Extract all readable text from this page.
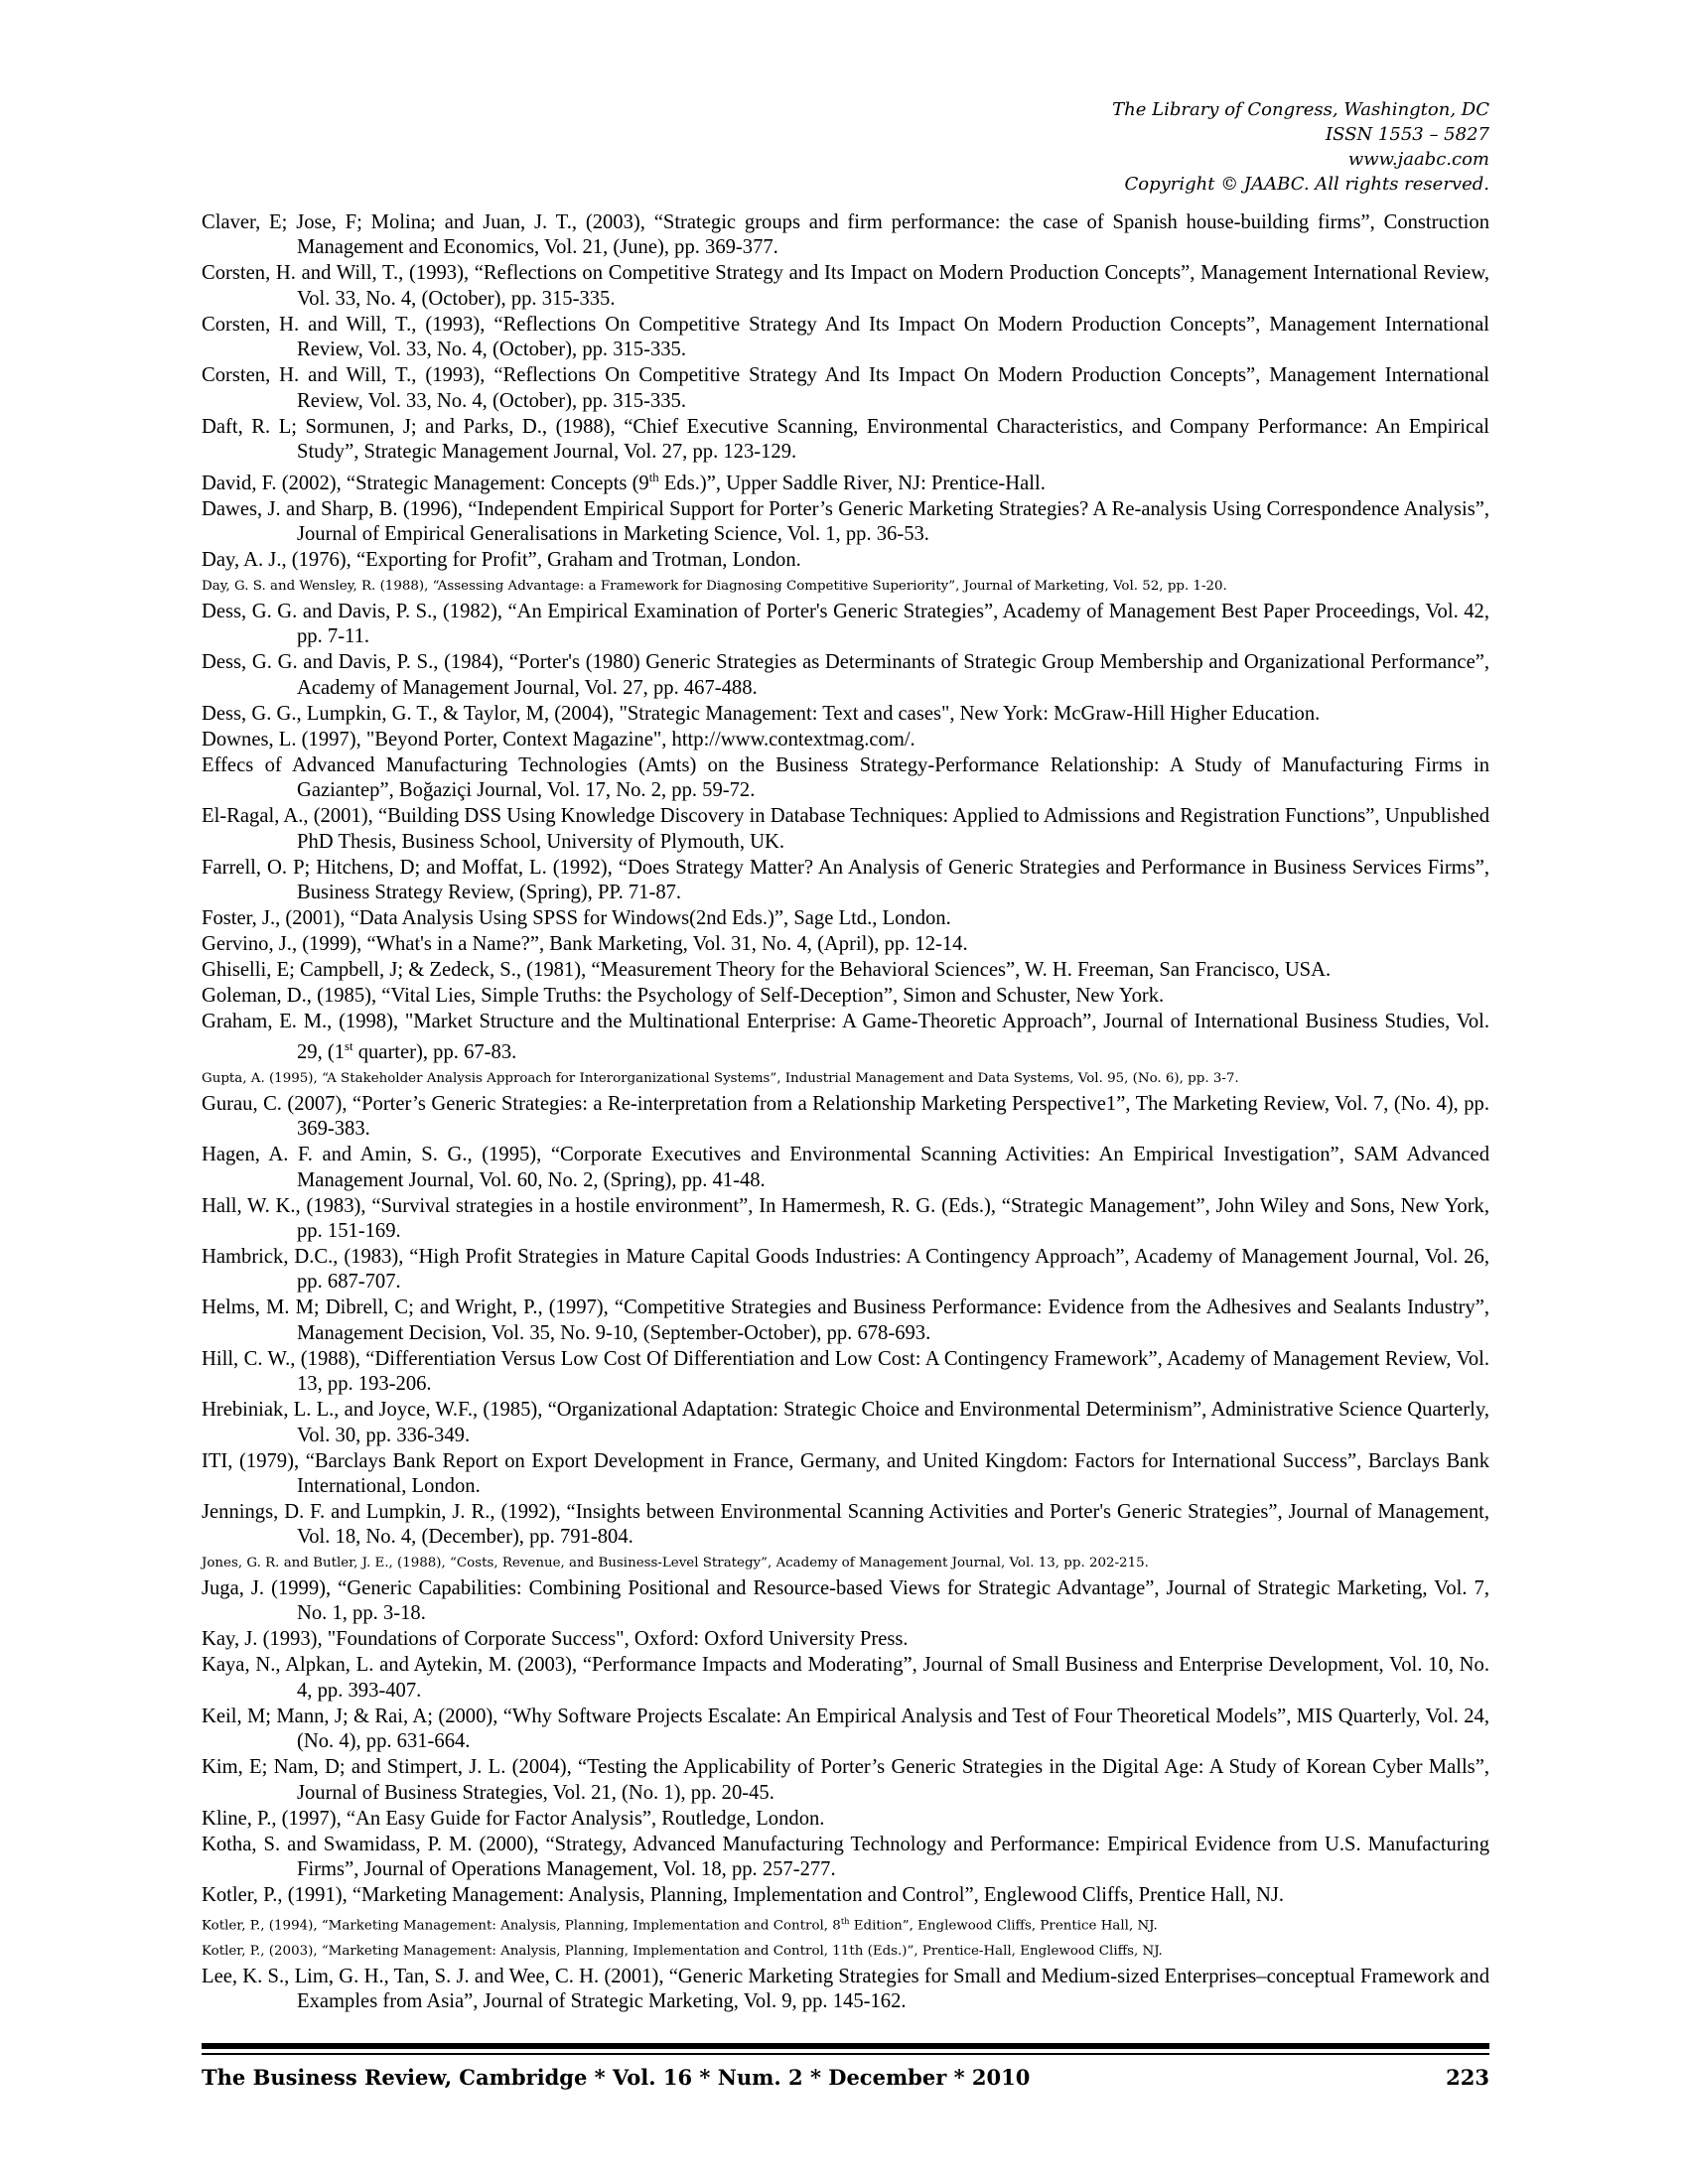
The Library of Congress, Washington, DC
ISSN 1553 – 5827
www.jaabc.com
Copyright © JAABC. All rights reserved.
Claver, E; Jose, F; Molina; and Juan, J. T., (2003), “Strategic groups and firm performance: the case of Spanish house-building firms”, Construction Management and Economics, Vol. 21, (June), pp. 369-377.
Corsten, H. and Will, T., (1993), “Reflections on Competitive Strategy and Its Impact on Modern Production Concepts”, Management International Review, Vol. 33, No. 4, (October), pp. 315-335.
Corsten, H. and Will, T., (1993), “Reflections On Competitive Strategy And Its Impact On Modern Production Concepts”, Management International Review, Vol. 33, No. 4, (October), pp. 315-335.
Corsten, H. and Will, T., (1993), “Reflections On Competitive Strategy And Its Impact On Modern Production Concepts”, Management International Review, Vol. 33, No. 4, (October), pp. 315-335.
Daft, R. L; Sormunen, J; and Parks, D., (1988), “Chief Executive Scanning, Environmental Characteristics, and Company Performance: An Empirical Study”, Strategic Management Journal, Vol. 27, pp. 123-129.
David, F. (2002), “Strategic Management: Concepts (9th Eds.)”, Upper Saddle River, NJ: Prentice-Hall.
Dawes, J. and Sharp, B. (1996), “Independent Empirical Support for Porter’s Generic Marketing Strategies? A Re-analysis Using Correspondence Analysis”, Journal of Empirical Generalisations in Marketing Science, Vol. 1, pp. 36-53.
Day, A. J., (1976), “Exporting for Profit”, Graham and Trotman, London.
Day, G. S. and Wensley, R. (1988), “Assessing Advantage: a Framework for Diagnosing Competitive Superiority”, Journal of Marketing, Vol. 52, pp. 1-20.
Dess, G. G. and Davis, P. S., (1982), “An Empirical Examination of Porter's Generic Strategies”, Academy of Management Best Paper Proceedings, Vol. 42, pp. 7-11.
Dess, G. G. and Davis, P. S., (1984), “Porter's (1980) Generic Strategies as Determinants of Strategic Group Membership and Organizational Performance”, Academy of Management Journal, Vol. 27, pp. 467-488.
Dess, G. G., Lumpkin, G. T., & Taylor, M, (2004), "Strategic Management: Text and cases", New York: McGraw-Hill Higher Education.
Downes, L. (1997), "Beyond Porter, Context Magazine", http://www.contextmag.com/.
Effecs of Advanced Manufacturing Technologies (Amts) on the Business Strategy-Performance Relationship: A Study of Manufacturing Firms in Gaziantep”, Boğaziçi Journal, Vol. 17, No. 2, pp. 59-72.
El-Ragal, A., (2001), “Building DSS Using Knowledge Discovery in Database Techniques: Applied to Admissions and Registration Functions”, Unpublished PhD Thesis, Business School, University of Plymouth, UK.
Farrell, O. P; Hitchens, D; and Moffat, L. (1992), “Does Strategy Matter? An Analysis of Generic Strategies and Performance in Business Services Firms”, Business Strategy Review, (Spring), PP. 71-87.
Foster, J., (2001), “Data Analysis Using SPSS for Windows(2nd Eds.)”, Sage Ltd., London.
Gervino, J., (1999), “What's in a Name?”, Bank Marketing, Vol. 31, No. 4, (April), pp. 12-14.
Ghiselli, E; Campbell, J; & Zedeck, S., (1981), “Measurement Theory for the Behavioral Sciences”, W. H. Freeman, San Francisco, USA.
Goleman, D., (1985), “Vital Lies, Simple Truths: the Psychology of Self-Deception”, Simon and Schuster, New York.
Graham, E. M., (1998), "Market Structure and the Multinational Enterprise: A Game-Theoretic Approach”, Journal of International Business Studies, Vol. 29, (1st quarter), pp. 67-83.
Gupta, A. (1995), “A Stakeholder Analysis Approach for Interorganizational Systems”, Industrial Management and Data Systems, Vol. 95, (No. 6), pp. 3-7.
Gurau, C. (2007), “Porter’s Generic Strategies: a Re-interpretation from a Relationship Marketing Perspective1”, The Marketing Review, Vol. 7, (No. 4), pp. 369-383.
Hagen, A. F. and Amin, S. G., (1995), “Corporate Executives and Environmental Scanning Activities: An Empirical Investigation”, SAM Advanced Management Journal, Vol. 60, No. 2, (Spring), pp. 41-48.
Hall, W. K., (1983), “Survival strategies in a hostile environment”, In Hamermesh, R. G. (Eds.), “Strategic Management”, John Wiley and Sons, New York, pp. 151-169.
Hambrick, D.C., (1983), “High Profit Strategies in Mature Capital Goods Industries: A Contingency Approach”, Academy of Management Journal, Vol. 26, pp. 687-707.
Helms, M. M; Dibrell, C; and Wright, P., (1997), “Competitive Strategies and Business Performance: Evidence from the Adhesives and Sealants Industry”, Management Decision, Vol. 35, No. 9-10, (September-October), pp. 678-693.
Hill, C. W., (1988), “Differentiation Versus Low Cost Of Differentiation and Low Cost: A Contingency Framework”, Academy of Management Review, Vol. 13, pp. 193-206.
Hrebiniak, L. L., and Joyce, W.F., (1985), “Organizational Adaptation: Strategic Choice and Environmental Determinism”, Administrative Science Quarterly, Vol. 30, pp. 336-349.
ITI, (1979), “Barclays Bank Report on Export Development in France, Germany, and United Kingdom: Factors for International Success”, Barclays Bank International, London.
Jennings, D. F. and Lumpkin, J. R., (1992), “Insights between Environmental Scanning Activities and Porter's Generic Strategies”, Journal of Management, Vol. 18, No. 4, (December), pp. 791-804.
Jones, G. R. and Butler, J. E., (1988), “Costs, Revenue, and Business-Level Strategy”, Academy of Management Journal, Vol. 13, pp. 202-215.
Juga, J. (1999), “Generic Capabilities: Combining Positional and Resource-based Views for Strategic Advantage”, Journal of Strategic Marketing, Vol. 7, No. 1, pp. 3-18.
Kay, J. (1993), "Foundations of Corporate Success", Oxford: Oxford University Press.
Kaya, N., Alpkan, L. and Aytekin, M. (2003), “Performance Impacts and Moderating”, Journal of Small Business and Enterprise Development, Vol. 10, No. 4, pp. 393-407.
Keil, M; Mann, J; & Rai, A; (2000), “Why Software Projects Escalate: An Empirical Analysis and Test of Four Theoretical Models”, MIS Quarterly, Vol. 24, (No. 4), pp. 631-664.
Kim, E; Nam, D; and Stimpert, J. L. (2004), “Testing the Applicability of Porter’s Generic Strategies in the Digital Age: A Study of Korean Cyber Malls”, Journal of Business Strategies, Vol. 21, (No. 1), pp. 20-45.
Kline, P., (1997), “An Easy Guide for Factor Analysis”, Routledge, London.
Kotha, S. and Swamidass, P. M. (2000), “Strategy, Advanced Manufacturing Technology and Performance: Empirical Evidence from U.S. Manufacturing Firms”, Journal of Operations Management, Vol. 18, pp. 257-277.
Kotler, P., (1991), “Marketing Management: Analysis, Planning, Implementation and Control”, Englewood Cliffs, Prentice Hall, NJ.
Kotler, P., (1994), “Marketing Management: Analysis, Planning, Implementation and Control, 8th Edition”, Englewood Cliffs, Prentice Hall, NJ.
Kotler, P., (2003), “Marketing Management: Analysis, Planning, Implementation and Control, 11th (Eds.)”, Prentice-Hall, Englewood Cliffs, NJ.
Lee, K. S., Lim, G. H., Tan, S. J. and Wee, C. H. (2001), “Generic Marketing Strategies for Small and Medium-sized Enterprises–conceptual Framework and Examples from Asia”, Journal of Strategic Marketing, Vol. 9, pp. 145-162.
The Business Review, Cambridge * Vol. 16 * Num. 2 * December * 2010	223
